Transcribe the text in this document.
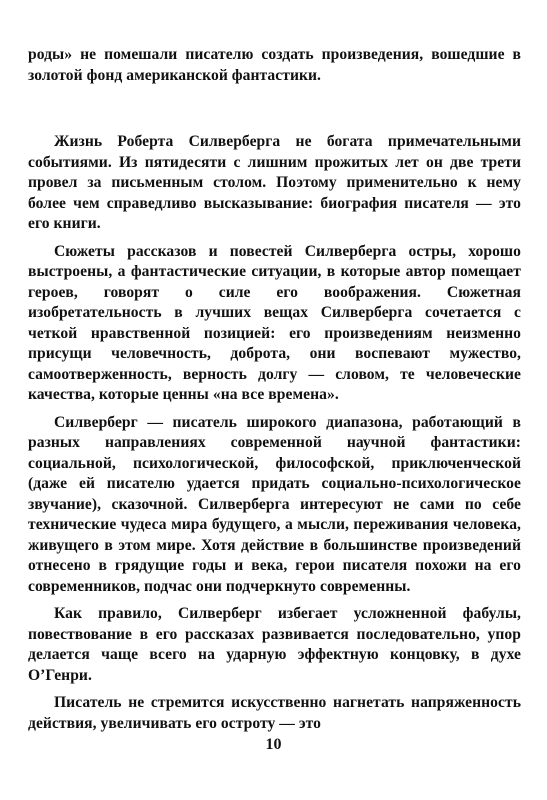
роды» не помешали писателю создать произведения, вошедшие в золотой фонд американской фантастики.

Жизнь Роберта Силверберга не богата примечательными событиями. Из пятидесяти с лишним прожитых лет он две трети провел за письменным столом. Поэтому применительно к нему более чем справедливо высказывание: биография писателя — это его книги.

Сюжеты рассказов и повестей Силверберга остры, хорошо выстроены, а фантастические ситуации, в которые автор помещает героев, говорят о силе его воображения. Сюжетная изобретательность в лучших вещах Силверберга сочетается с четкой нравственной позицией: его произведениям неизменно присущи человечность, доброта, они воспевают мужество, самоотверженность, верность долгу — словом, те человеческие качества, которые ценны «на все времена».

Силверберг — писатель широкого диапазона, работающий в разных направлениях современной научной фантастики: социальной, психологической, философской, приключенческой (даже ей писателю удается придать социально-психологическое звучание), сказочной. Силверберга интересуют не сами по себе технические чудеса мира будущего, а мысли, переживания человека, живущего в этом мире. Хотя действие в большинстве произведений отнесено в грядущие годы и века, герои писателя похожи на его современников, подчас они подчеркнуто современны.

Как правило, Силверберг избегает усложненной фабулы, повествование в его рассказах развивается последовательно, упор делается чаще всего на ударную эффектную концовку, в духе О’Генри.

Писатель не стремится искусственно нагнетать напряженность действия, увеличивать его остроту — это

10
